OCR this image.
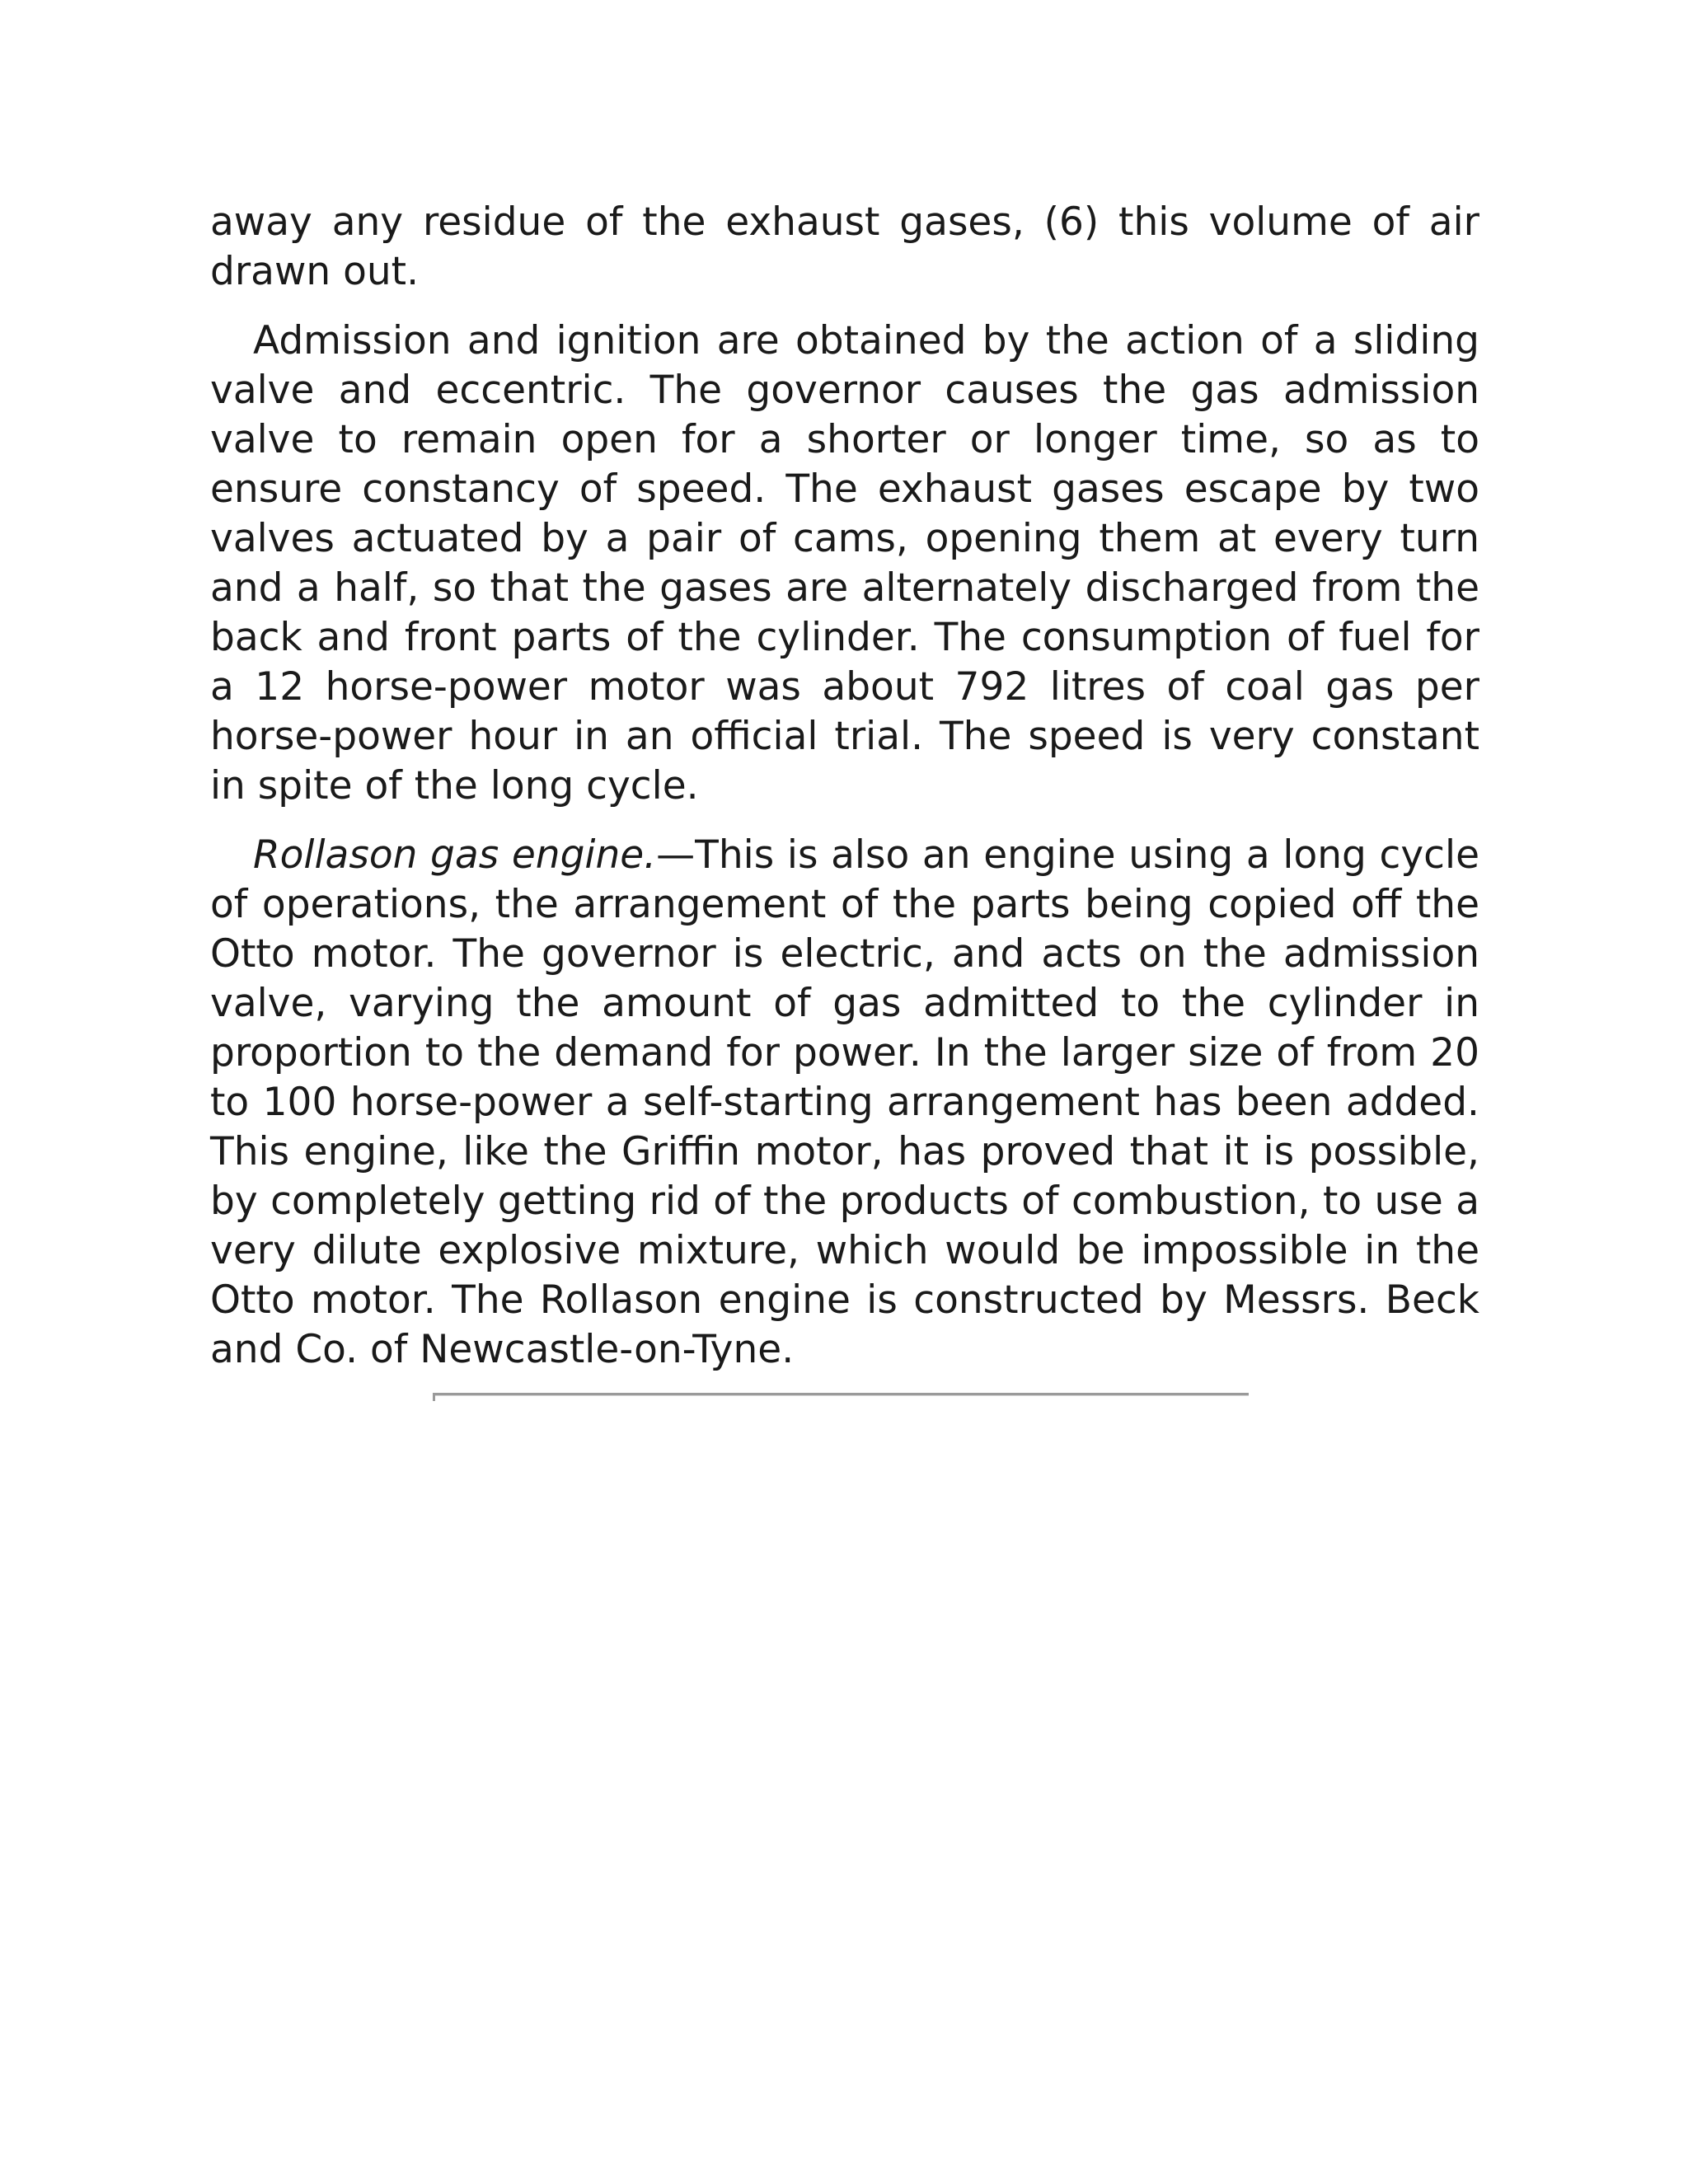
away any residue of the exhaust gases, (6) this volume of air drawn out.

Admission and ignition are obtained by the action of a sliding valve and eccentric. The governor causes the gas admission valve to remain open for a shorter or longer time, so as to ensure constancy of speed. The exhaust gases escape by two valves actuated by a pair of cams, opening them at every turn and a half, so that the gases are alternately discharged from the back and front parts of the cylinder. The consumption of fuel for a 12 horse-power motor was about 792 litres of coal gas per horse-power hour in an official trial. The speed is very constant in spite of the long cycle.

Rollason gas engine.—This is also an engine using a long cycle of operations, the arrangement of the parts being copied off the Otto motor. The governor is electric, and acts on the admission valve, varying the amount of gas admitted to the cylinder in proportion to the demand for power. In the larger size of from 20 to 100 horse-power a self-starting arrangement has been added. This engine, like the Griffin motor, has proved that it is possible, by completely getting rid of the products of combustion, to use a very dilute explosive mixture, which would be impossible in the Otto motor. The Rollason engine is constructed by Messrs. Beck and Co. of Newcastle-on-Tyne.
